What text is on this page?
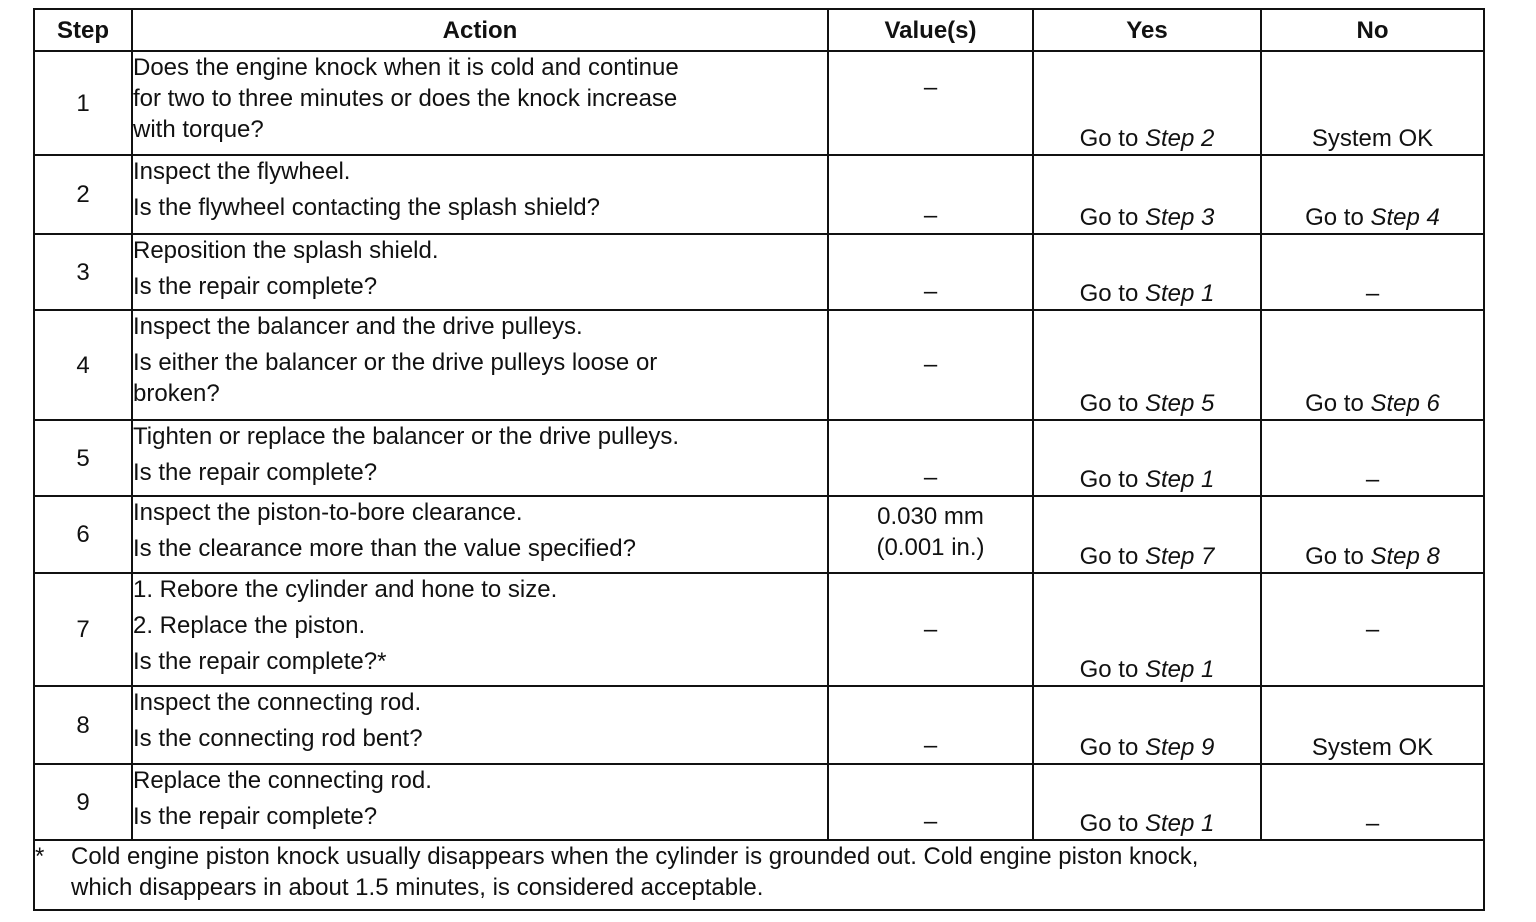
Step	Action	Value(s)	Yes	No
1	Does the engine knock when it is cold and continue
for two to three minutes or does the knock increase
with torque?	–	Go to Step 2	System OK
2	Inspect the flywheel.
Is the flywheel contacting the splash shield?	–	Go to Step 3	Go to Step 4
3	Reposition the splash shield.
Is the repair complete?	–	Go to Step 1	–
4	Inspect the balancer and the drive pulleys.
Is either the balancer or the drive pulleys loose or
broken?	–	Go to Step 5	Go to Step 6
5	Tighten or replace the balancer or the drive pulleys.
Is the repair complete?	–	Go to Step 1	–
6	Inspect the piston-to-bore clearance.
Is the clearance more than the value specified?	0.030 mm
(0.001 in.)	Go to Step 7	Go to Step 8
7	1. Rebore the cylinder and hone to size.
2. Replace the piston.
Is the repair complete?*	–	Go to Step 1	–
8	Inspect the connecting rod.
Is the connecting rod bent?	–	Go to Step 9	System OK
9	Replace the connecting rod.
Is the repair complete?	–	Go to Step 1	–

* Cold engine piston knock usually disappears when the cylinder is grounded out. Cold engine piston knock,
which disappears in about 1.5 minutes, is considered acceptable.				
